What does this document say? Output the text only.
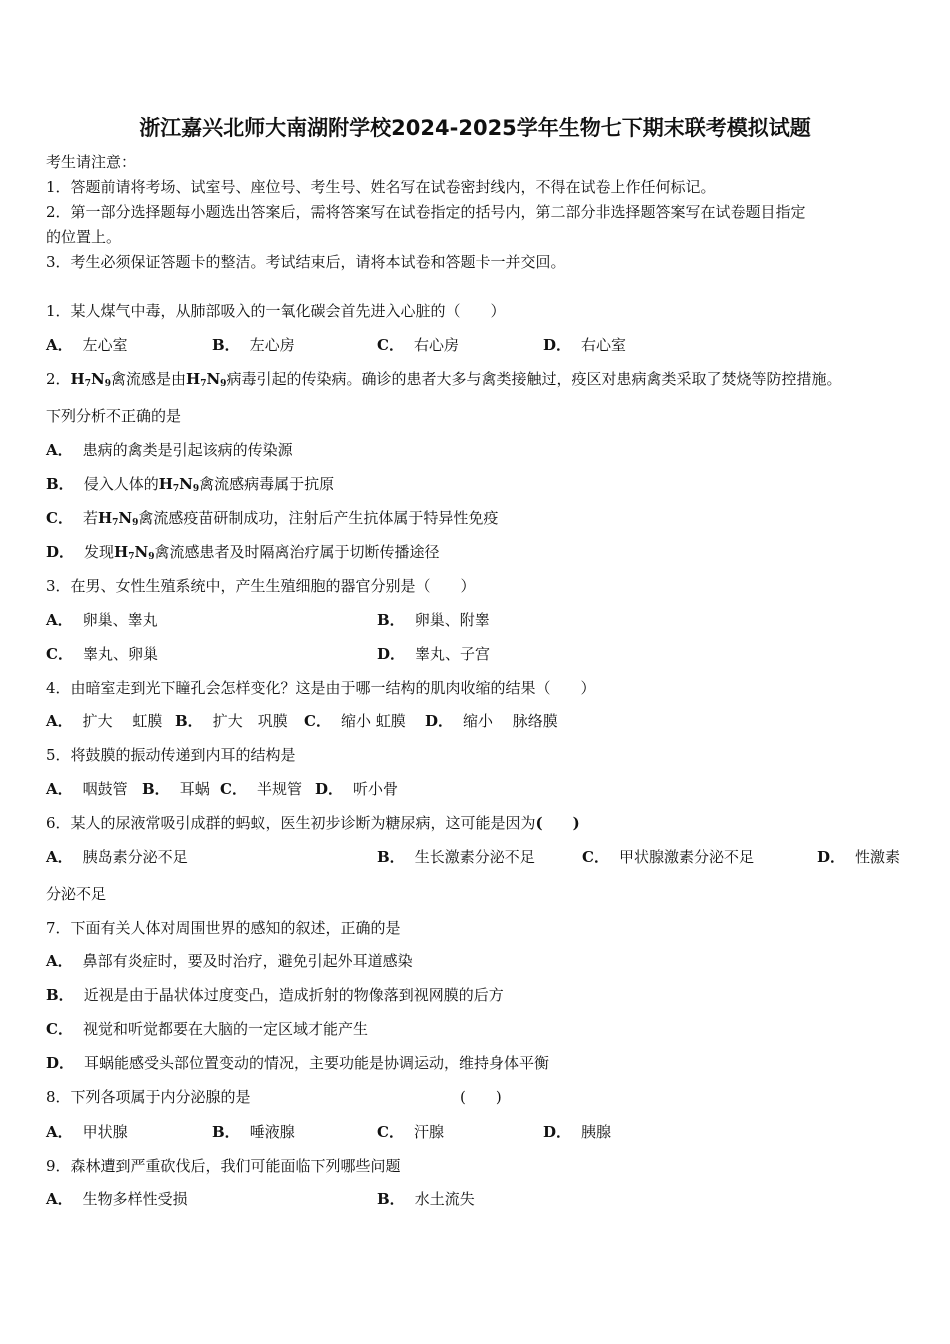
浙江嘉兴北师大南湖附学校2024-2025学年生物七下期末联考模拟试题
考生请注意：
1．答题前请将考场、试室号、座位号、考生号、姓名写在试卷密封线内，不得在试卷上作任何标记。
2．第一部分选择题每小题选出答案后，需将答案写在试卷指定的括号内，第二部分非选择题答案写在试卷题目指定
的位置上。
3．考生必须保证答题卡的整洁。考试结束后，请将本试卷和答题卡一并交回。
1．某人煤气中毒，从肺部吸入的一氧化碳会首先进入心脏的（　　）
A． 左心室	B． 左心房	C． 右心房	D． 右心室
2．$H_7N_9$禽流感是由$H_7N_9$病毒引起的传染病。确诊的患者大多与禽类接触过，疫区对患病禽类采取了焚烧等防控措施。
下列分析不正确的是
A． 患病的禽类是引起该病的传染源
B． 侵入人体的$H_7N_9$禽流感病毒属于抗原
C． 若$H_7N_9$禽流感疫苗研制成功，注射后产生抗体属于特异性免疫
D． 发现$H_7N_9$禽流感患者及时隔离治疗属于切断传播途径
3．在男、女性生殖系统中，产生生殖细胞的器官分别是（　　）
A． 卵巢、睾丸	B． 卵巢、附睾
C． 睾丸、卵巢	D． 睾丸、子宫
4．由暗室走到光下瞳孔会怎样变化？这是由于哪一结构的肌肉收缩的结果（　　）
A． 扩大　 虹膜 B． 扩大　巩膜 C． 缩小 虹膜 D． 缩小　 脉络膜
5．将鼓膜的振动传递到内耳的结构是
A． 咽鼓管 B． 耳蜗 C． 半规管 D． 听小骨
6．某人的尿液常吸引成群的蚂蚁，医生初步诊断为糖尿病，这可能是因为(　　)
A． 胰岛素分泌不足	B． 生长激素分泌不足	C． 甲状腺激素分泌不足	D． 性激素
分泌不足
7．下面有关人体对周围世界的感知的叙述，正确的是
A． 鼻部有炎症时，要及时治疗，避免引起外耳道感染
B． 近视是由于晶状体过度变凸，造成折射的物像落到视网膜的后方
C． 视觉和听觉都要在大脑的一定区域才能产生
D． 耳蜗能感受头部位置变动的情况，主要功能是协调运动，维持身体平衡
8．下列各项属于内分泌腺的是	(　　)
A． 甲状腺	B． 唾液腺	C． 汗腺	D． 胰腺
9．森林遭到严重砍伐后，我们可能面临下列哪些问题
A． 生物多样性受损	B． 水土流失
